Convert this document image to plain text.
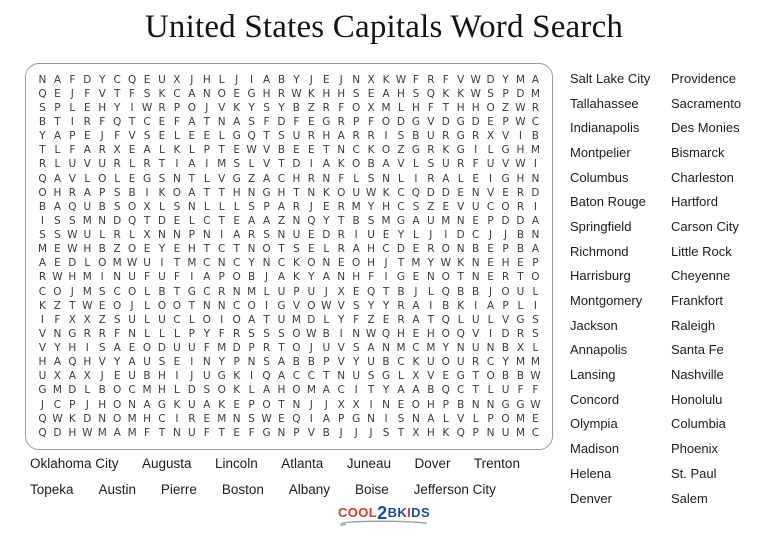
United States Capitals Word Search
N A F D Y C Q E U X J H L J	I A B Y J E J N X K W F R F V W D Y M A
Q E J F V T F S K C A N O E G H R W K H H S E A H S Q K K W S P D M
S P L E H Y I W R P O J V K Y S Y B Z R F O X M L H F T H H O Z W R
B T I R F Q T C E F A T N A S F D F E G R P F O D G V D G D E P W C
Y A P E J F V S E L E E L G Q T S U R H A R R I S B U R G R X V I B
T L F A R X E A L K L P T E W V B E E T N C K O Z G R K G I L G H M
R L U V U R L R T I A I M S L V T D I A K O B A V L S U R F U V W I
Q A V L O L E G S N T L V G Z A C H R N F L S N L I R A L E I G H N
O H R A P S B I K O A T T H N G H T N K O U W K C Q D D E N V E R D
B A Q U B S O X L S N L L L S P A R J E R M Y H C S Z E V U C O R I
I S S M N D Q T D E L C T E A A Z N Q Y T B S M G A U M N E P D D A
S S W U L R L X N N P N I A R S N U E D R I U E Y L J	I D C J	J B N
M E W H B Z O E Y E H T C T N O T S E L R A H C D E R O N B E P B A
A E D L O M W U I T M C N C Y N C K O N E O H J T M Y W K N E H E P
R W H M I N U F U F I A P O B J A K Y A N H F I G E N O T N E R T O
C O J M S C O L B T G C R N M L U P U J X E Q T B J L Q B B J O U L
K Z T W E O J L O O T N N C O I G V O W V S Y Y R A I B K I A P L I
I F X X Z S U L U C L O I O A T U M D L Y F Z E R A T Q L U L V G S
V N G R R F N L L L P Y F R S S S O W B I N W Q H E H O Q V I D R S
V Y H I S A E O D U U F M D P R T O J U V S A N M C M Y N U N B X L
H A Q H V Y A U S E I N Y P N S A B B P V Y U B C K U O U R C Y M M
U X A X J E U B H I	J U G K I Q A C C T N U S G L X V E G T O B B W
G M D L B O C M H L D S O K L A H O M A C I T Y A A B Q C T L U F F
J C P J H O N A G K U A K E P O T N J	J X X I N E O H P B N N G G W
Q W K D N O M H C I R E M N S W E Q I A P G N I S N A L V L P O M E
Q D H W M A M F T N U F T E F G N P V B J	J	J S T X H K Q P N U M C
Salt Lake City
Tallahassee
Indianapolis
Montpelier
Columbus
Baton Rouge
Springfield
Richmond
Harrisburg
Montgomery
Jackson
Annapolis
Lansing
Concord
Olympia
Madison
Helena
Denver
Providence
Sacramento
Des Monies
Bismarck
Charleston
Hartford
Carson City
Little Rock
Cheyenne
Frankfort
Raleigh
Santa Fe
Nashville
Honolulu
Columbia
Phoenix
St. Paul
Salem
Oklahoma City Augusta Lincoln Atlanta Juneau Dover Trenton
Topeka Austin Pierre Boston Albany Boise Jefferson City
COOL2BKIDS
